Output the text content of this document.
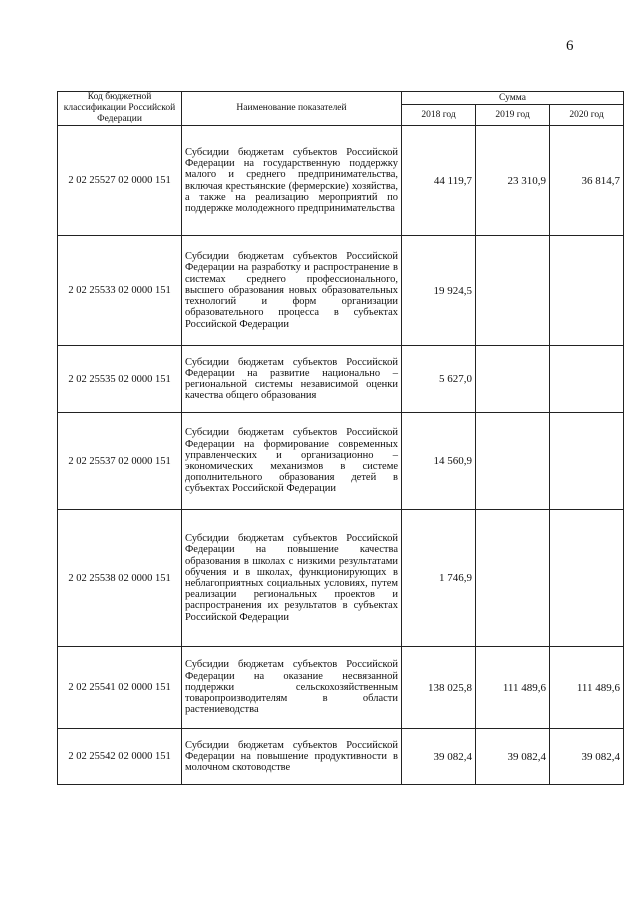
6
Код бюджетной классификации Российской Федерации	Наименование показателей	Сумма		
		2018 год	2019 год	2020 год
2 02 25527 02 0000 151	Субсидии бюджетам субъектов Российской Федерации на государственную поддержку малого и среднего предпринимательства, включая крестьянские (фермерские) хозяйства, а также на реализацию мероприятий по поддержке молодежного предпринимательства	44 119,7	23 310,9	36 814,7
2 02 25533 02 0000 151	Субсидии бюджетам субъектов Российской Федерации на разработку и распространение в системах среднего профессионального, высшего образования новых образовательных технологий и форм организации образовательного процесса в субъектах Российской Федерации	19 924,5		
2 02 25535 02 0000 151	Субсидии бюджетам субъектов Российской Федерации на развитие национально – региональной системы независимой оценки качества общего образования	5 627,0		
2 02 25537 02 0000 151	Субсидии бюджетам субъектов Российской Федерации на формирование современных управленческих и организационно – экономических механизмов в системе дополнительного образования детей в субъектах Российской Федерации	14 560,9		
2 02 25538 02 0000 151	Субсидии бюджетам субъектов Российской Федерации на повышение качества образования в школах с низкими результатами обучения и в школах, функционирующих в неблагоприятных социальных условиях, путем реализации региональных проектов и распространения их результатов в субъектах Российской Федерации	1 746,9		
2 02 25541 02 0000 151	Субсидии бюджетам субъектов Российской Федерации на оказание несвязанной поддержки сельскохозяйственным товаропроизводителям в области растениеводства	138 025,8	111 489,6	111 489,6
2 02 25542 02 0000 151	Субсидии бюджетам субъектов Российской Федерации на повышение продуктивности в молочном скотоводстве	39 082,4	39 082,4	39 082,4
